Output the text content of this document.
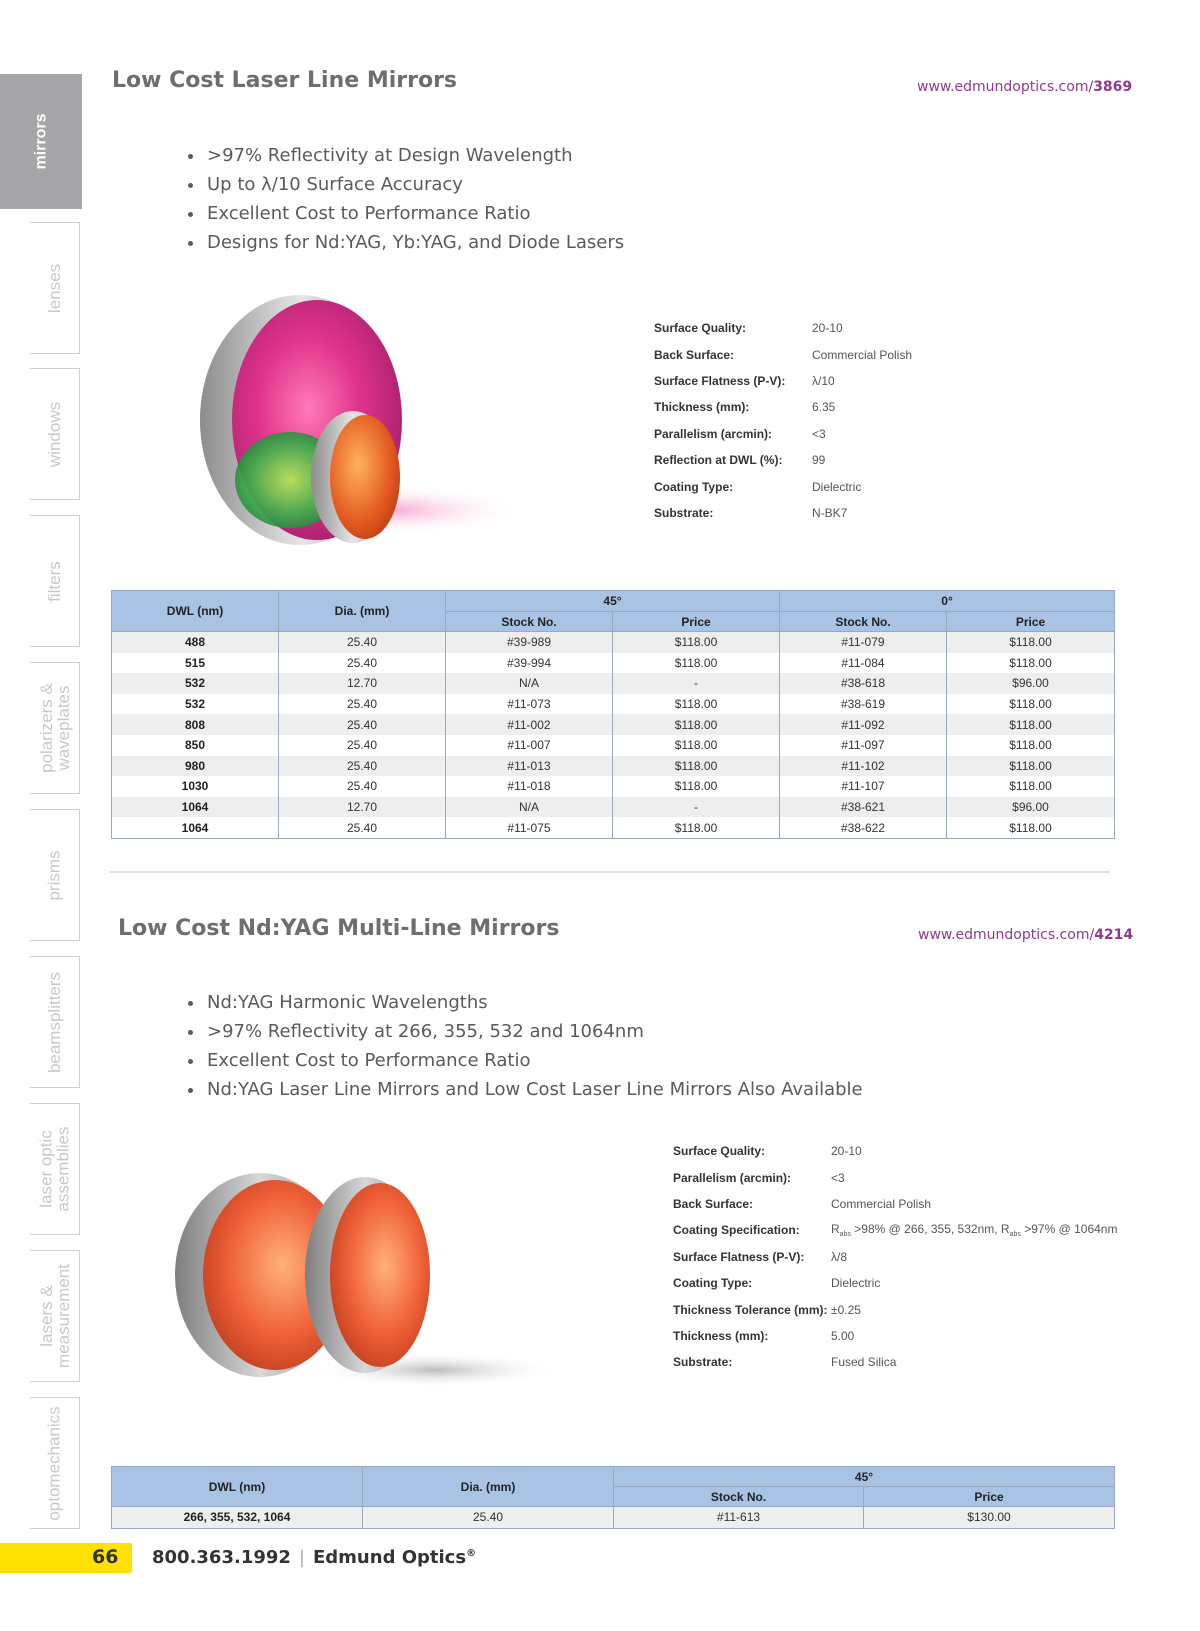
mirrors
lenses
windows
filters
polarizers &
waveplates
prisms
beamsplitters
laser optic
assemblies
lasers &
measurement
optomechanics
Low Cost Laser Line Mirrors	www.edmundoptics.com/3869
• >97% Reflectivity at Design Wavelength
• Up to λ/10 Surface Accuracy
• Excellent Cost to Performance Ratio
• Designs for Nd:YAG, Yb:YAG, and Diode Lasers
Surface Quality:	20-10
Back Surface:	Commercial Polish
Surface Flatness (P-V):	λ/10
Thickness (mm):	6.35
Parallelism (arcmin):	<3
Reflection at DWL (%):	99
Coating Type:	Dielectric
Substrate:	N-BK7
DWL (nm)	Dia. (mm)	45°		0°	
		Stock No.	Price	Stock No.	Price
488	25.40	#39-989	$118.00	#11-079	$118.00
515	25.40	#39-994	$118.00	#11-084	$118.00
532	12.70	N/A	-	#38-618	$96.00
532	25.40	#11-073	$118.00	#38-619	$118.00
808	25.40	#11-002	$118.00	#11-092	$118.00
850	25.40	#11-007	$118.00	#11-097	$118.00
980	25.40	#11-013	$118.00	#11-102	$118.00
1030	25.40	#11-018	$118.00	#11-107	$118.00
1064	12.70	N/A	-	#38-621	$96.00
1064	25.40	#11-075	$118.00	#38-622	$118.00
Low Cost Nd:YAG Multi-Line Mirrors	www.edmundoptics.com/4214
• Nd:YAG Harmonic Wavelengths
• >97% Reflectivity at 266, 355, 532 and 1064nm
• Excellent Cost to Performance Ratio
• Nd:YAG Laser Line Mirrors and Low Cost Laser Line Mirrors Also Available
Surface Quality:	20-10
Parallelism (arcmin):	<3
Back Surface:	Commercial Polish
Coating Specification:	$R_{abs} >98\%$ @ 266, 355, 532nm, $R_{abs} >97\%$ @ 1064nm
Surface Flatness (P-V):	λ/8
Coating Type:	Dielectric
Thickness Tolerance (mm):	±0.25
Thickness (mm):	5.00
Substrate:	Fused Silica
DWL (nm)	Dia. (mm)	45°	
		Stock No.	Price
266, 355, 532, 1064	25.40	#11-613	$130.00
66 800.363.1992 | Edmund Optics®
